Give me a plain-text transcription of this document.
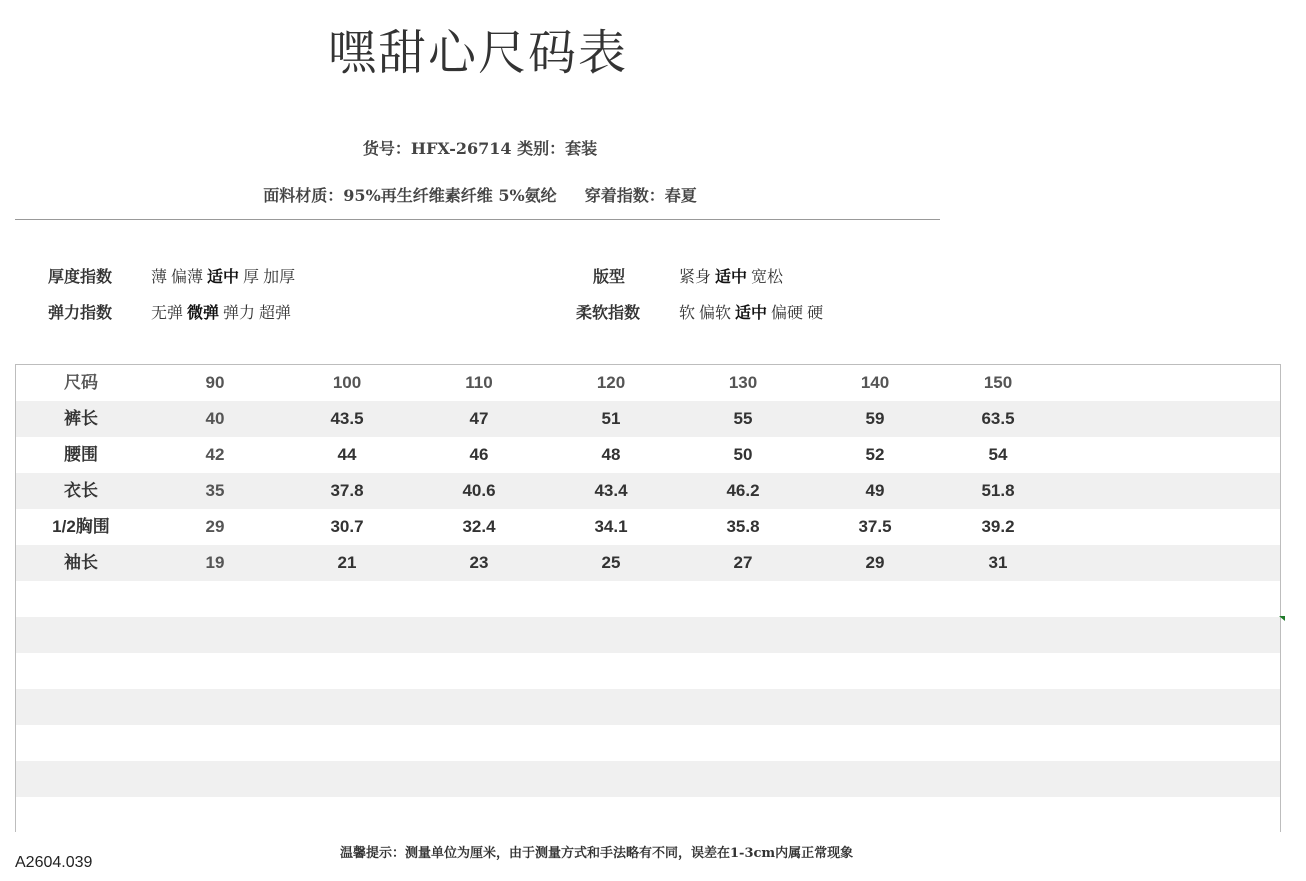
嘿甜心尺码表
货号：HFX-26714 类别：套装
面料材质：95%再生纤维素纤维 5%氨纶 穿着指数：春夏
厚度指数 薄 偏薄 适中 厚 加厚	版型	紧身 适中 宽松
弹力指数 无弹 微弹 弹力 超弹	柔软指数 软 偏软 适中 偏硬 硬
尺码	90	100	110	120	130	140	150
裤长	40	43.5	47	51	55	59	63.5
腰围	42	44	46	48	50	52	54
衣长	35	37.8	40.6	43.4	46.2	49	51.8
1/2胸围	29	30.7	32.4	34.1	35.8	37.5	39.2
袖长	19	21	23	25	27	29	31
温馨提示：测量单位为厘米，由于测量方式和手法略有不同，误差在1-3cm内属正常现象
A2604.039
